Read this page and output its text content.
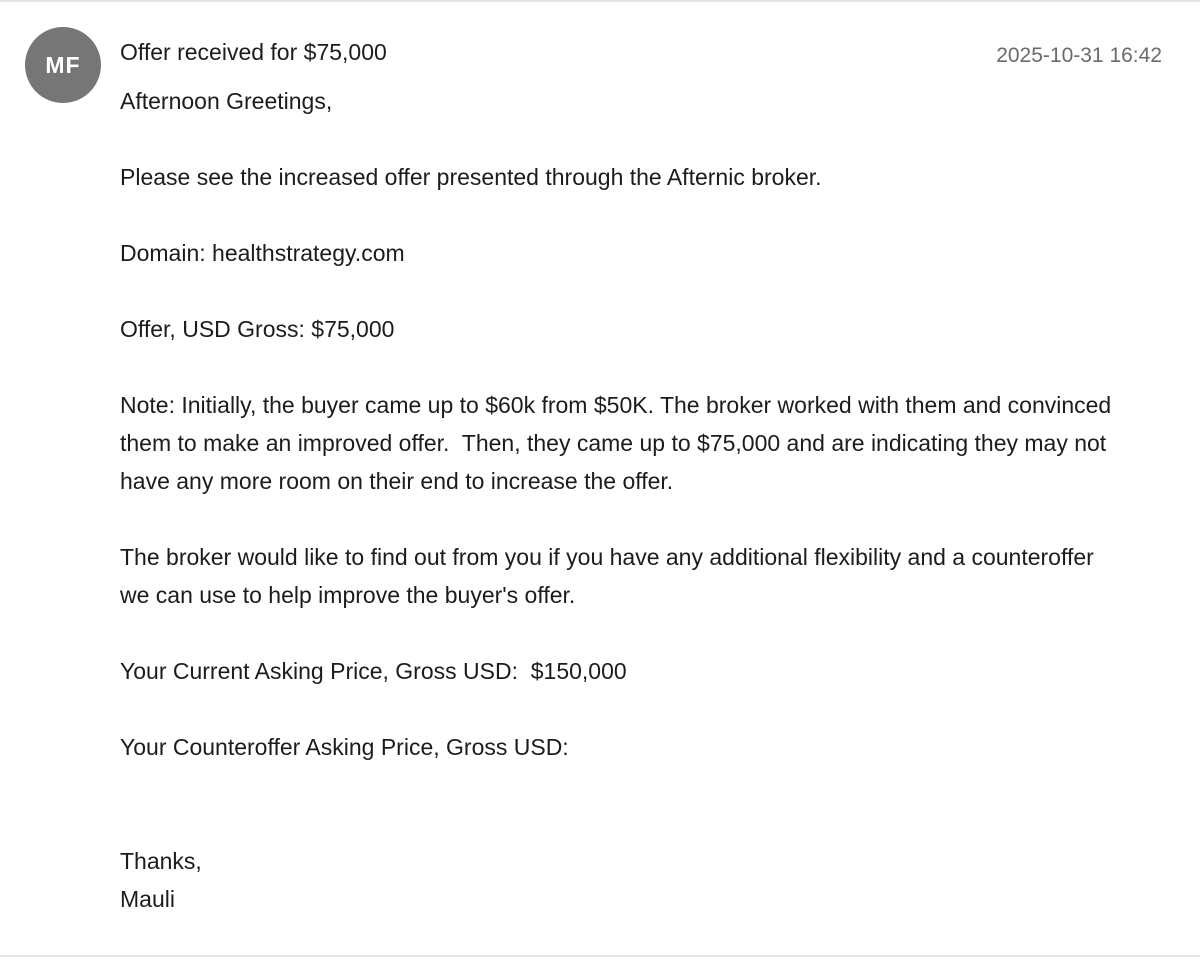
MF Offer received for $75,000	2025-10-31 16:42

Afternoon Greetings,

Please see the increased offer presented through the Afternic broker.

Domain: healthstrategy.com

Offer, USD Gross: $75,000

Note: Initially, the buyer came up to $60k from $50K. The broker worked with them and convinced them to make an improved offer.  Then, they came up to $75,000 and are indicating they may not have any more room on their end to increase the offer.

The broker would like to find out from you if you have any additional flexibility and a counteroffer we can use to help improve the buyer's offer.

Your Current Asking Price, Gross USD:  $150,000

Your Counteroffer Asking Price, Gross USD:

Thanks,
Mauli
